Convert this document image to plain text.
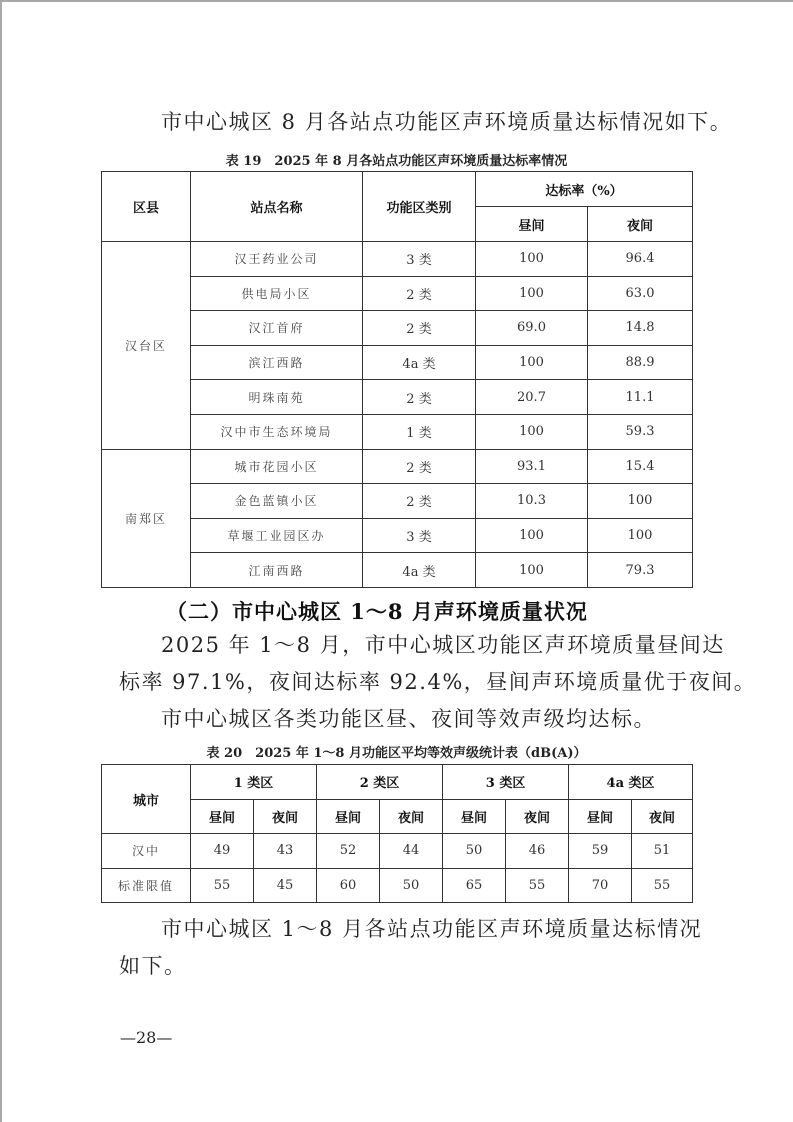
市中心城区 8 月各站点功能区声环境质量达标情况如下。
表 19　2025 年 8 月各站点功能区声环境质量达标率情况
区县	站点名称	功能区类别	达标率（%）	
			昼间	夜间
汉台区	汉王药业公司	3 类	100	96.4
	供电局小区	2 类	100	63.0
	汉江首府	2 类	69.0	14.8
	滨江西路	4a 类	100	88.9
	明珠南苑	2 类	20.7	11.1
	汉中市生态环境局	1 类	100	59.3
南郑区	城市花园小区	2 类	93.1	15.4
	金色蓝镇小区	2 类	10.3	100
	草堰工业园区办	3 类	100	100
	江南西路	4a 类	100	79.3
（二）市中心城区 1～8 月声环境质量状况
2025 年 1～8 月，市中心城区功能区声环境质量昼间达
标率 97.1%，夜间达标率 92.4%，昼间声环境质量优于夜间。
市中心城区各类功能区昼、夜间等效声级均达标。
表 20　2025 年 1～8 月功能区平均等效声级统计表（dB(A)）
城市	1 类区		2 类区		3 类区		4a 类区	
	昼间	夜间	昼间	夜间	昼间	夜间	昼间	夜间
汉中	49	43	52	44	50	46	59	51
标准限值	55	45	60	50	65	55	70	55
市中心城区 1～8 月各站点功能区声环境质量达标情况
如下。
—28—
